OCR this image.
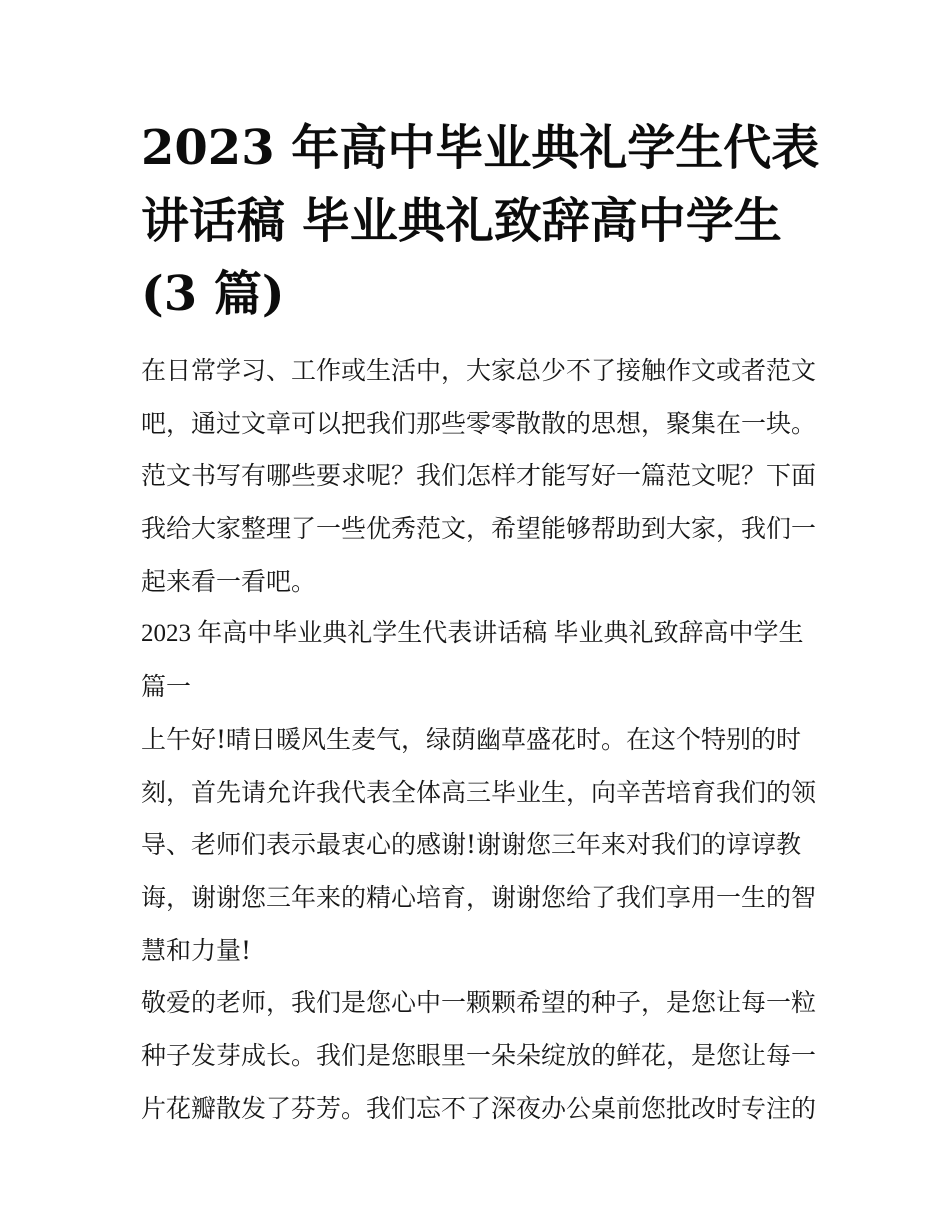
2023 年高中毕业典礼学生代表
讲话稿 毕业典礼致辞高中学生
(3 篇)
在日常学习、工作或生活中，大家总少不了接触作文或者范文
吧，通过文章可以把我们那些零零散散的思想，聚集在一块。
范文书写有哪些要求呢？我们怎样才能写好一篇范文呢？下面
我给大家整理了一些优秀范文，希望能够帮助到大家，我们一
起来看一看吧。
2023 年高中毕业典礼学生代表讲话稿 毕业典礼致辞高中学生
篇一
上午好!晴日暖风生麦气，绿荫幽草盛花时。在这个特别的时
刻，首先请允许我代表全体高三毕业生，向辛苦培育我们的领
导、老师们表示最衷心的感谢!谢谢您三年来对我们的谆谆教
诲，谢谢您三年来的精心培育，谢谢您给了我们享用一生的智
慧和力量!
敬爱的老师，我们是您心中一颗颗希望的种子，是您让每一粒
种子发芽成长。我们是您眼里一朵朵绽放的鲜花，是您让每一
片花瓣散发了芬芳。我们忘不了深夜办公桌前您批改时专注的
